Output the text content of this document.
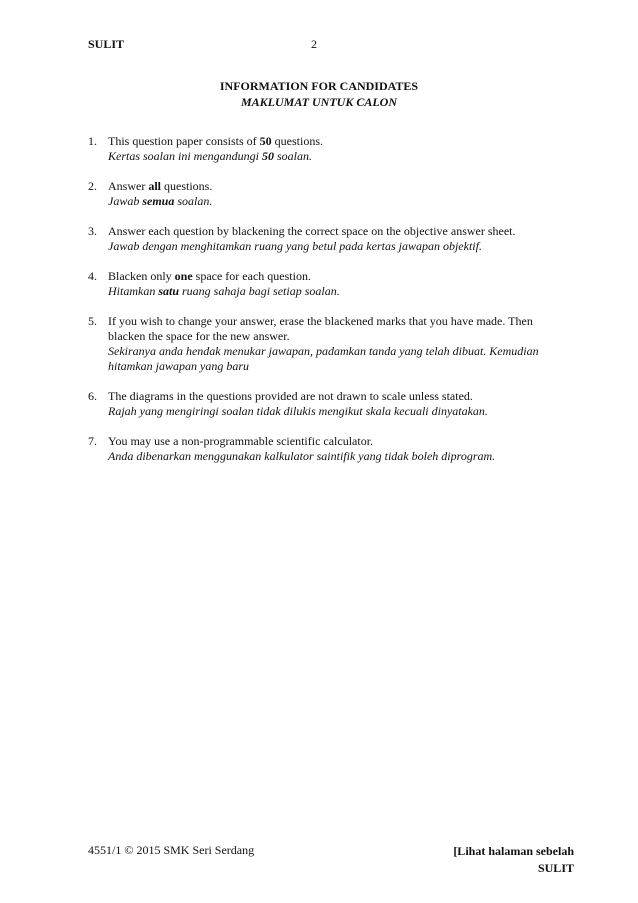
SULIT	2
INFORMATION FOR CANDIDATES
MAKLUMAT UNTUK CALON
1. This question paper consists of 50 questions.
Kertas soalan ini mengandungi 50 soalan.
2. Answer all questions.
Jawab semua soalan.
3. Answer each question by blackening the correct space on the objective answer sheet.
Jawab dengan menghitamkan ruang yang betul pada kertas jawapan objektif.
4. Blacken only one space for each question.
Hitamkan satu ruang sahaja bagi setiap soalan.
5. If you wish to change your answer, erase the blackened marks that you have made. Then blacken the space for the new answer.
Sekiranya anda hendak menukar jawapan, padamkan tanda yang telah dibuat. Kemudian hitamkan jawapan yang baru
6. The diagrams in the questions provided are not drawn to scale unless stated.
Rajah yang mengiringi soalan tidak dilukis mengikut skala kecuali dinyatakan.
7. You may use a non-programmable scientific calculator.
Anda dibenarkan menggunakan kalkulator saintifik yang tidak boleh diprogram.
4551/1 © 2015 SMK Seri Serdang	[Lihat halaman sebelah
SULIT
